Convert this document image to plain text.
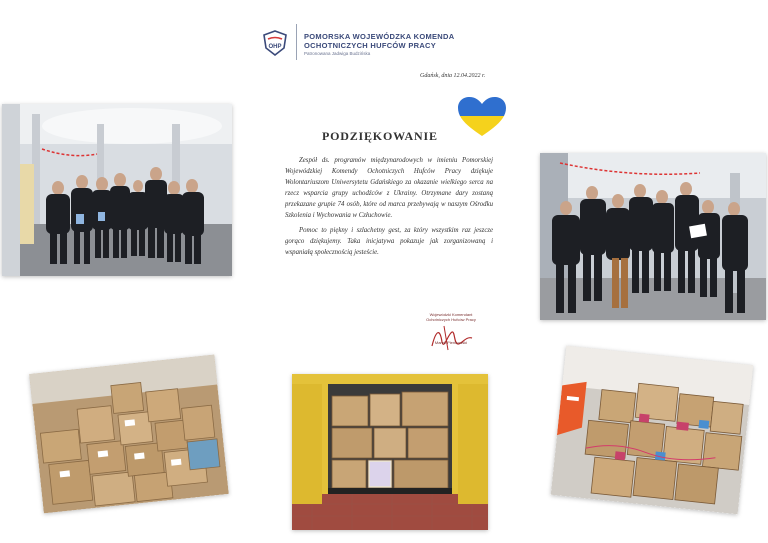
OHP
POMORSKA WOJEWÓDZKA KOMENDA
OCHOTNICZYCH HUFCÓW PRACY
Patronowana Jadwiga Budzińska
Gdańsk, dnia 12.04.2022 r.
PODZIĘKOWANIE

Zespół ds. programów międzynarodowych w imieniu Pomorskiej Wojewódzkiej Komendy Ochotniczych Hufców Pracy dziękuje Wolontariuszom Uniwersytetu Gdańskiego za okazanie wielkiego serca na rzecz wsparcia grupy uchodźców z Ukrainy. Otrzymane dary zostaną przekazane grupie 74 osób, które od marca przebywają w naszym Ośrodku Szkolenia i Wychowania w Człuchowie.

Pomoc to piękny i szlachetny gest, za który wszystkim raz jeszcze gorąco dziękujemy. Taka inicjatywa pokazuje jak zorganizowaną i wspaniałą społecznością jesteście.

Wojewódzki Komendant
Ochotniczych Hufców Pracy
Marek Pieńkowski
